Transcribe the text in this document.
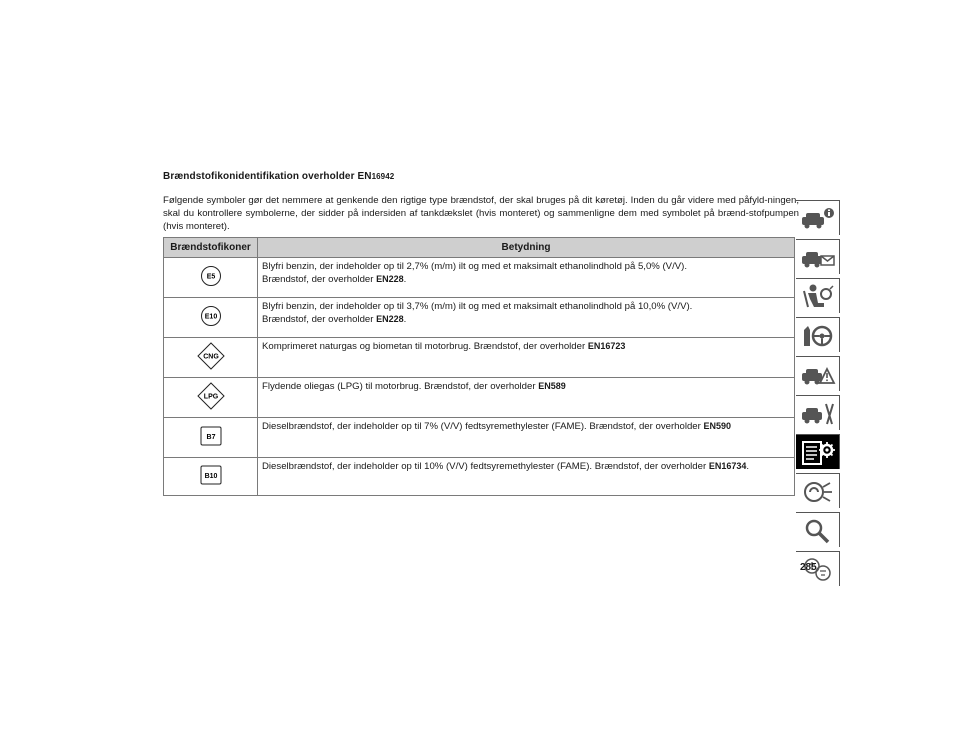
Brændstofikonidentifikation overholder EN16942
Følgende symboler gør det nemmere at genkende den rigtige type brændstof, der skal bruges på dit køretøj. Inden du går videre med påfyld-ningen, skal du kontrollere symbolerne, der sidder på indersiden af tankdækslet (hvis monteret) og sammenligne dem med symbolet på brænd-stofpumpen (hvis monteret).
Brændstofikoner	Betydning

E5	Blyfri benzin, der indeholder op til 2,7% (m/m) ilt og med et maksimalt ethanolindhold på 5,0% (V/V).
Brændstof, der overholder EN228.

E10	Blyfri benzin, der indeholder op til 3,7% (m/m) ilt og med et maksimalt ethanolindhold på 10,0% (V/V).
Brændstof, der overholder EN228.

CNG	Komprimeret naturgas og biometan til motorbrug. Brændstof, der overholder EN16723

LPG	Flydende oliegas (LPG) til motorbrug. Brændstof, der overholder EN589

B7	Dieselbrændstof, der indeholder op til 7% (V/V) fedtsyremethylester (FAME). Brændstof, der overholder EN590

B10	Dieselbrændstof, der indeholder op til 10% (V/V) fedtsyremethylester (FAME). Brændstof, der overholder EN16734.
285
